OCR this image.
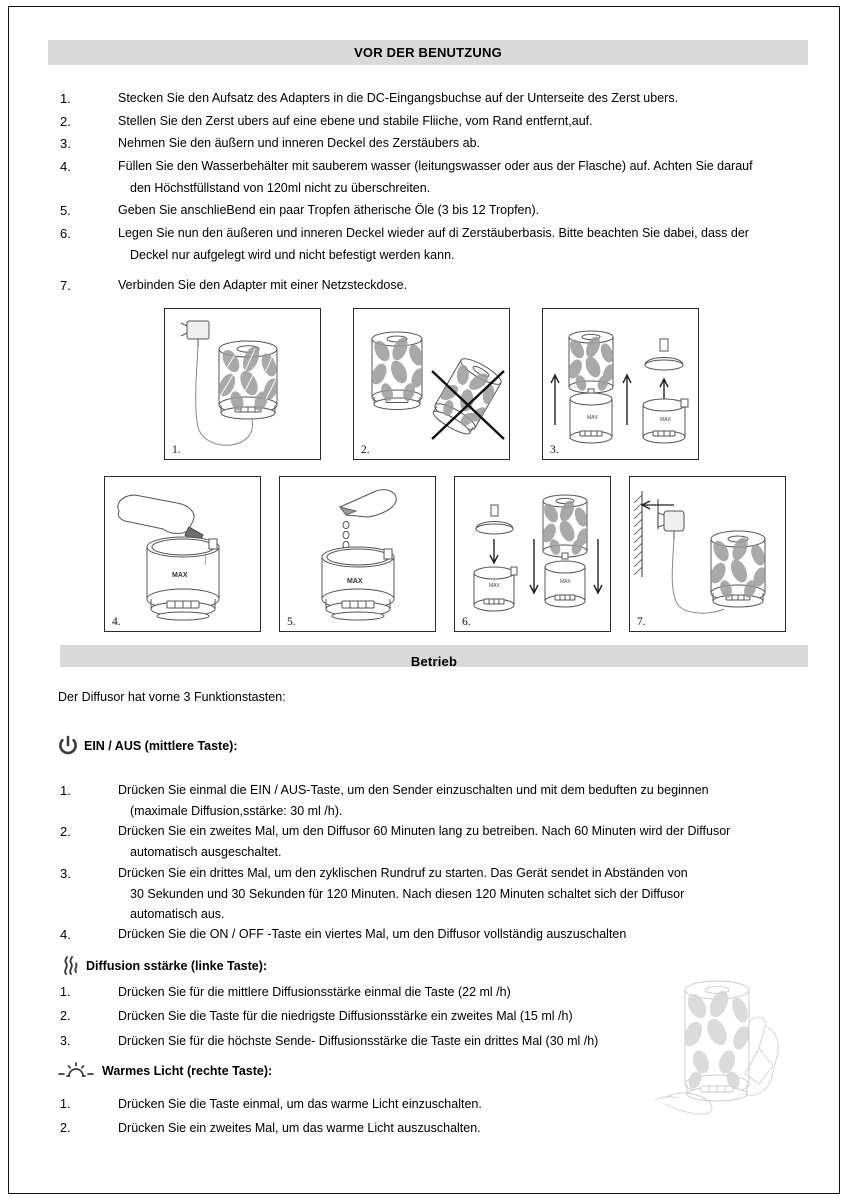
VOR DER BENUTZUNG
1.	Stecken Sie den Aufsatz des Adapters in die DC-Eingangsbuchse auf der Unterseite des Zerst ubers.
2.	Stellen Sie den Zerst ubers auf eine ebene und stabile Fliiche, vom Rand entfernt,auf.
3.	Nehmen Sie den äußern und inneren Deckel des Zerstäubers ab.
4.	Füllen Sie den Wasserbehälter mit sauberem wasser (leitungswasser oder aus der Flasche) auf. Achten Sie darauf
den Höchstfüllstand von 120ml nicht zu überschreiten.
5.	Geben Sie anschlieBend ein paar Tropfen ätherische Öle (3 bis 12 Tropfen).
6.	Legen Sie nun den äußeren und inneren Deckel wieder auf di Zerstäuberbasis. Bitte beachten Sie dabei, dass der
Deckel nur aufgelegt wird und nicht befestigt werden kann.
7.	Verbinden Sie den Adapter mit einer Netzsteckdose.
1.	2.
MAX	MAX
3.
MAX
4.
MAX
5.
MAX
MAX
6.	7.
Betrieb
Der Diffusor hat vorne 3 Funktionstasten:
EIN / AUS (mittlere Taste):
1.	Drücken Sie einmal die EIN / AUS-Taste, um den Sender einzuschalten und mit dem beduften zu beginnen
(maximale Diffusion,sstärke: 30 ml /h).
2.	Drücken Sie ein zweites Mal, um den Diffusor 60 Minuten lang zu betreiben. Nach 60 Minuten wird der Diffusor
automatisch ausgeschaltet.
3.	Drücken Sie ein drittes Mal, um den zyklischen Rundruf zu starten. Das Gerät sendet in Abständen von
30 Sekunden und 30 Sekunden für 120 Minuten. Nach diesen 120 Minuten schaltet sich der Diffusor
automatisch aus.
4.	Drücken Sie die ON / OFF -Taste ein viertes Mal, um den Diffusor vollständig auszuschalten
Diffusion sstärke (linke Taste):
1.	Drücken Sie für die mittlere Diffusionsstärke einmal die Taste (22 ml /h)
2.	Drücken Sie die Taste für die niedrigste Diffusionsstärke ein zweites Mal (15 ml /h)
3.	Drücken Sie für die höchste Sende- Diffusionsstärke die Taste ein drittes Mal (30 ml /h)
Warmes Licht (rechte Taste):
1.	Drücken Sie die Taste einmal, um das warme Licht einzuschalten.
2.	Drücken Sie ein zweites Mal, um das warme Licht auszuschalten.
